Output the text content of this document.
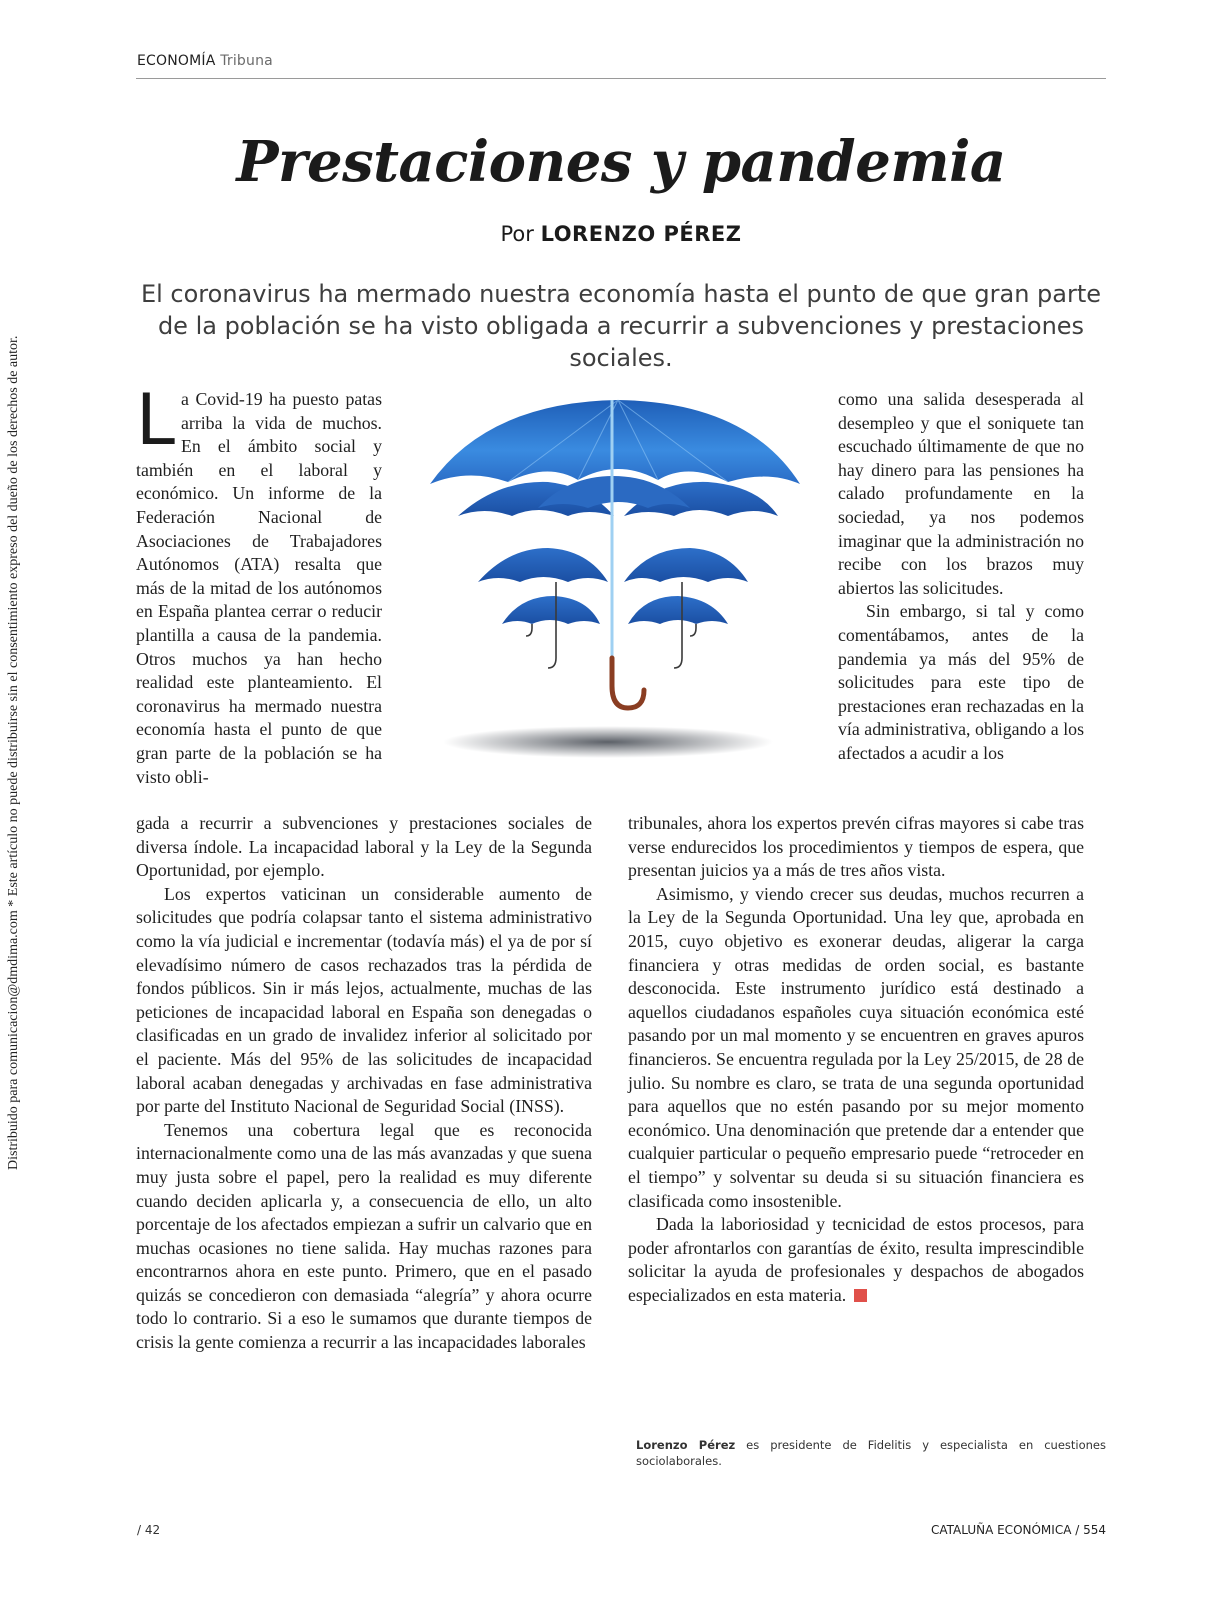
Distribuido para comunicacion@dmdima.com * Este artículo no puede distribuirse sin el consentimiento expreso del dueño de los derechos de autor.
ECONOMÍA Tribuna
Prestaciones y pandemia
Por LORENZO PÉREZ

El coronavirus ha mermado nuestra economía hasta el punto de que gran parte de la población se ha visto obligada a recurrir a subvenciones y prestaciones sociales.

La Covid-19 ha puesto patas arriba la vida de muchos. En el ámbito social y también en el laboral y económico. Un informe de la Federación Nacional de Asociaciones de Trabajadores Autónomos (ATA) resalta que más de la mitad de los autónomos en España plantea cerrar o reducir plantilla a causa de la pandemia. Otros muchos ya han hecho realidad este planteamiento. El coronavirus ha mermado nuestra economía hasta el punto de que gran parte de la población se ha visto obli-

gada a recurrir a subvenciones y prestaciones sociales de diversa índole. La incapacidad laboral y la Ley de la Segunda Oportunidad, por ejemplo.

Los expertos vaticinan un considerable aumento de solicitudes que podría colapsar tanto el sistema administrativo como la vía judicial e incrementar (todavía más) el ya de por sí elevadísimo número de casos rechazados tras la pérdida de fondos públicos. Sin ir más lejos, actualmente, muchas de las peticiones de incapacidad laboral en España son denegadas o clasificadas en un grado de invalidez inferior al solicitado por el paciente. Más del 95% de las solicitudes de incapacidad laboral acaban denegadas y archivadas en fase administrativa por parte del Instituto Nacional de Seguridad Social (INSS).

Tenemos una cobertura legal que es reconocida internacionalmente como una de las más avanzadas y que suena muy justa sobre el papel, pero la realidad es muy diferente cuando deciden aplicarla y, a consecuencia de ello, un alto porcentaje de los afectados empiezan a sufrir un calvario que en muchas ocasiones no tiene salida. Hay muchas razones para encontrarnos ahora en este punto. Primero, que en el pasado quizás se concedieron con demasiada “alegría” y ahora ocurre todo lo contrario. Si a eso le sumamos que durante tiempos de crisis la gente comienza a recurrir a las incapacidades laborales

como una salida desesperada al desempleo y que el soniquete tan escuchado últimamente de que no hay dinero para las pensiones ha calado profundamente en la sociedad, ya nos podemos imaginar que la administración no recibe con los brazos muy abiertos las solicitudes.

Sin embargo, si tal y como comentábamos, antes de la pandemia ya más del 95% de solicitudes para este tipo de prestaciones eran rechazadas en la vía administrativa, obligando a los afectados a acudir a los

tribunales, ahora los expertos prevén cifras mayores si cabe tras verse endurecidos los procedimientos y tiempos de espera, que presentan juicios ya a más de tres años vista.

Asimismo, y viendo crecer sus deudas, muchos recurren a la Ley de la Segunda Oportunidad. Una ley que, aprobada en 2015, cuyo objetivo es exonerar deudas, aligerar la carga financiera y otras medidas de orden social, es bastante desconocida. Este instrumento jurídico está destinado a aquellos ciudadanos españoles cuya situación económica esté pasando por un mal momento y se encuentren en graves apuros financieros. Se encuentra regulada por la Ley 25/2015, de 28 de julio. Su nombre es claro, se trata de una segunda oportunidad para aquellos que no estén pasando por su mejor momento económico. Una denominación que pretende dar a entender que cualquier particular o pequeño empresario puede “retroceder en el tiempo” y solventar su deuda si su situación financiera es clasificada como insostenible.

Dada la laboriosidad y tecnicidad de estos procesos, para poder afrontarlos con garantías de éxito, resulta imprescindible solicitar la ayuda de profesionales y despachos de abogados especializados en esta materia.

Lorenzo Pérez es presidente de Fidelitis y especialista en cuestiones sociolaborales.

/ 42	CATALUÑA ECONÓMICA / 554
